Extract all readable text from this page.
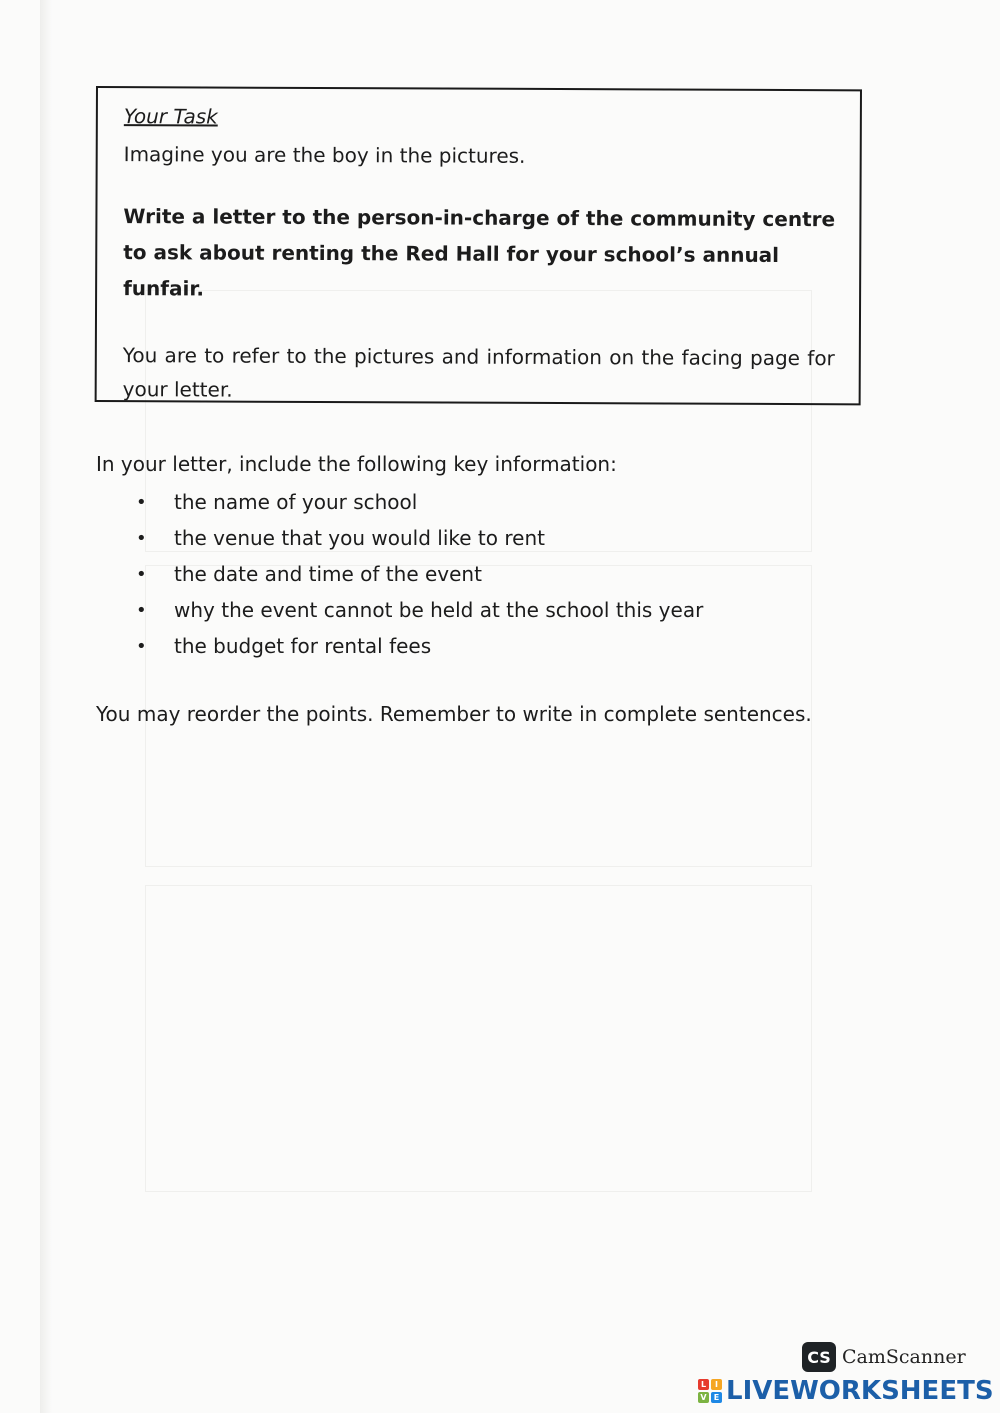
Your Task

Imagine you are the boy in the pictures.

Write a letter to the person-in-charge of the community centre to ask about renting the Red Hall for your school’s annual funfair.

You are to refer to the pictures and information on the facing page for your letter.

In your letter, include the following key information:

•	the name of your school
•	the venue that you would like to rent
•	the date and time of the event
•	why the event cannot be held at the school this year
•	the budget for rental fees

You may reorder the points. Remember to write in complete sentences.

CS CamScanner
L	I
V E LIVEWORKSHEETS
